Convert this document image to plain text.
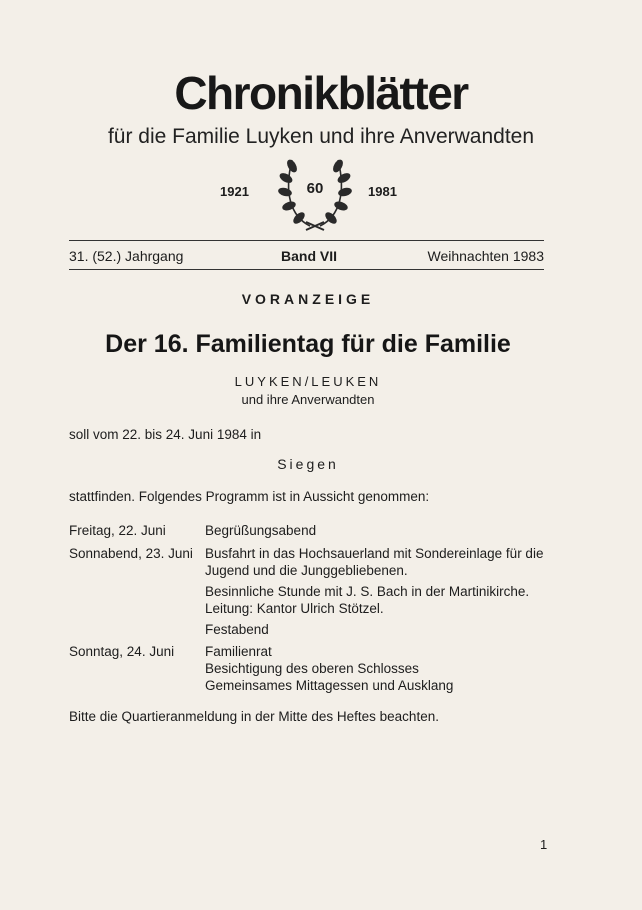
Chronikblätter
für die Familie Luyken und ihre Anverwandten
1921	60	1981
31. (52.) Jahrgang	Band VII	Weihnachten 1983
VORANZEIGE
Der 16. Familientag für die Familie
LUYKEN/LEUKEN
und ihre Anverwandten
soll vom 22. bis 24. Juni 1984 in
Siegen
stattfinden. Folgendes Programm ist in Aussicht genommen:
Freitag, 22. Juni	Begrüßungsabend
Sonnabend, 23. Juni Busfahrt in das Hochsauerland mit Sondereinlage für die Jugend und die Junggebliebenen.
Besinnliche Stunde mit J. S. Bach in der Martinikirche. Leitung: Kantor Ulrich Stötzel.
Festabend
Sonntag, 24. Juni Familienrat
Besichtigung des oberen Schlosses
Gemeinsames Mittagessen und Ausklang
Bitte die Quartieranmeldung in der Mitte des Heftes beachten.
1
